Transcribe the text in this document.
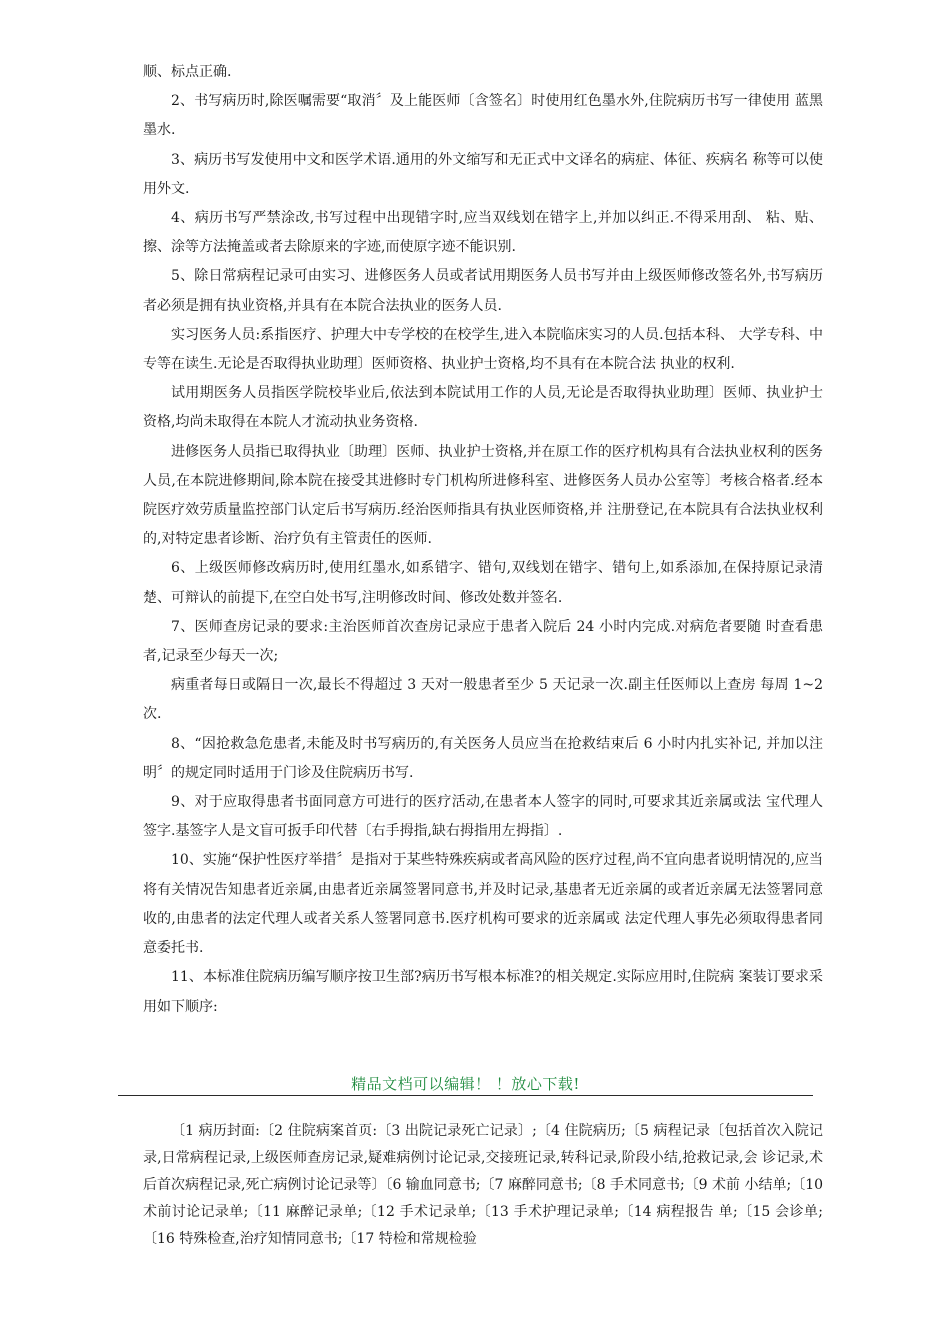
顺、标点正确.

2、书写病历时,除医嘱需要“取消〞及上能医师〔含签名〕时使用红色墨水外,住院病历书写一律使用 蓝黑墨水.

3、病历书写发使用中文和医学术语.通用的外文缩写和无正式中文译名的病症、体征、疾病名 称等可以使用外文.

4、病历书写严禁涂改,书写过程中出现错字时,应当双线划在错字上,并加以纠正.不得采用刮、 粘、贴、擦、涂等方法掩盖或者去除原来的字迹,而使原字迹不能识别.

5、除日常病程记录可由实习、进修医务人员或者试用期医务人员书写并由上级医师修改签名外,书写病历者必须是拥有执业资格,并具有在本院合法执业的医务人员.

实习医务人员:系指医疗、护理大中专学校的在校学生,进入本院临床实习的人员.包括本科、 大学专科、中专等在读生.无论是否取得执业助理〕医师资格、执业护士资格,均不具有在本院合法 执业的权利.

试用期医务人员指医学院校毕业后,依法到本院试用工作的人员,无论是否取得执业助理〕医师、执业护士资格,均尚未取得在本院人才流动执业务资格.

进修医务人员指已取得执业〔助理〕医师、执业护士资格,并在原工作的医疗机构具有合法执业权利的医务人员,在本院进修期间,除本院在接受其进修时专门机构所进修科室、进修医务人员办公室等〕考核合格者.经本院医疗效劳质量监控部门认定后书写病历.经治医师指具有执业医师资格,并 注册登记,在本院具有合法执业权利的,对特定患者诊断、治疗负有主管责任的医师.

6、上级医师修改病历时,使用红墨水,如系错字、错句,双线划在错字、错句上,如系添加,在保持原记录清楚、可辩认的前提下,在空白处书写,注明修改时间、修改处数并签名.

7、医师查房记录的要求:主治医师首次查房记录应于患者入院后 24 小时内完成.对病危者要随 时查看患者,记录至少每天一次;

病重者每日或隔日一次,最长不得超过 3 天对一般患者至少 5 天记录一次.副主任医师以上查房 每周 1~2 次.

8、“因抢救急危患者,未能及时书写病历的,有关医务人员应当在抢救结束后 6 小时内扎实补记, 并加以注明〞的规定同时适用于门诊及住院病历书写.

9、对于应取得患者书面同意方可进行的医疗活动,在患者本人签字的同时,可要求其近亲属或法 宝代理人签字.基签字人是文盲可扳手印代替〔右手拇指,缺右拇指用左拇指〕.

10、实施“保护性医疗举措〞是指对于某些特殊疾病或者高风险的医疗过程,尚不宜向患者说明情况的,应当将有关情况告知患者近亲属,由患者近亲属签署同意书,并及时记录,基患者无近亲属的或者近亲属无法签署同意收的,由患者的法定代理人或者关系人签署同意书.医疗机构可要求的近亲属或 法定代理人事先必须取得患者同意委托书.

11、本标准住院病历编写顺序按卫生部?病历书写根本标准?的相关规定.实际应用时,住院病 案装订要求采用如下顺序:

精品文档可以编辑！ ！放心下载!

〔1 病历封面:〔2 住院病案首页:〔3 出院记录死亡记录〕;〔4 住院病历;〔5 病程记录〔包括首次入院记 录,日常病程记录,上级医师查房记录,疑难病例讨论记录,交接班记录,转科记录,阶段小结,抢救记录,会 诊记录,术后首次病程记录,死亡病例讨论记录等〕〔6 输血同意书;〔7 麻醉同意书;〔8 手术同意书;〔9 术前 小结单;〔10 术前讨论记录单;〔11 麻醉记录单;〔12 手术记录单;〔13 手术护理记录单;〔14 病程报告 单;〔15 会诊单;〔16 特殊检查,治疗知情同意书;〔17 特检和常规检验
